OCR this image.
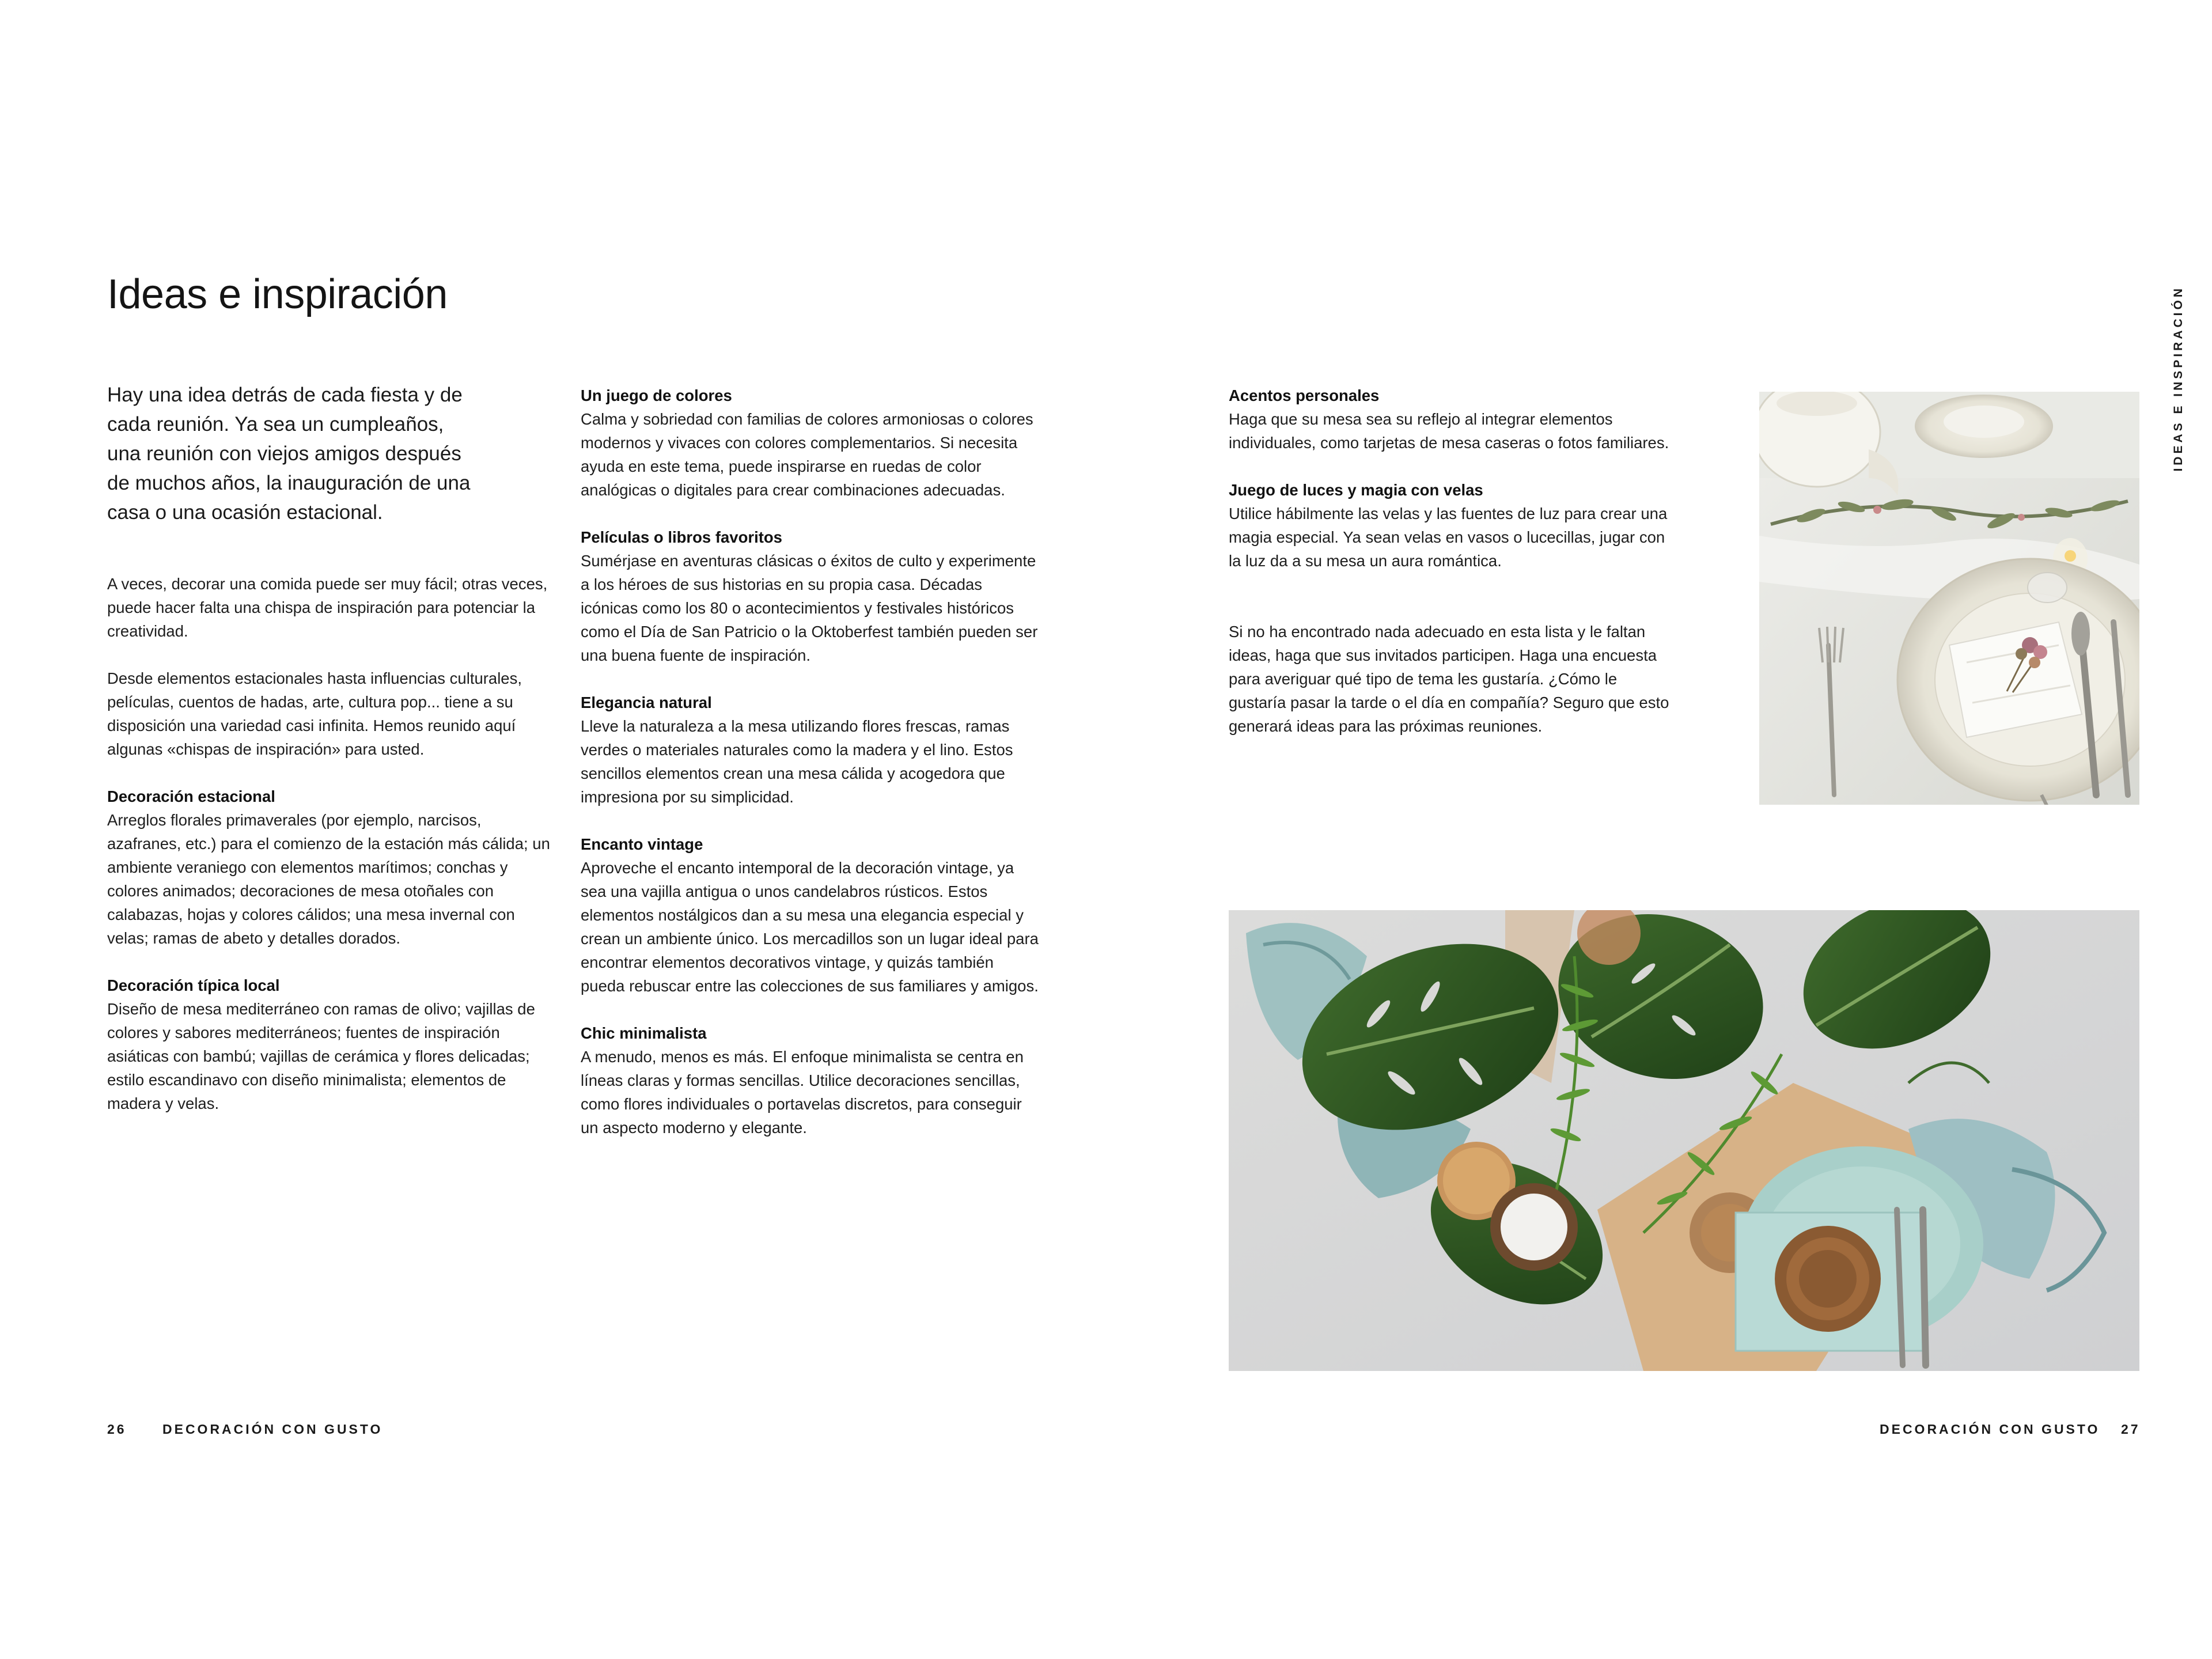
Ideas e inspiración
Hay una idea detrás de cada fiesta y de cada reunión. Ya sea un cumpleaños, una reunión con viejos amigos después de muchos años, la inauguración de una casa o una ocasión estacional.

A veces, decorar una comida puede ser muy fácil; otras veces, puede hacer falta una chispa de inspiración para potenciar la creatividad.

Desde elementos estacionales hasta influencias culturales, películas, cuentos de hadas, arte, cultura pop... tiene a su disposición una variedad casi infinita. Hemos reunido aquí algunas «chispas de inspiración» para usted.

Decoración estacional

Arreglos florales primaverales (por ejemplo, narcisos, azafranes, etc.) para el comienzo de la estación más cálida; un ambiente veraniego con elementos marítimos; conchas y colores animados; decoraciones de mesa otoñales con calabazas, hojas y colores cálidos; una mesa invernal con velas; ramas de abeto y detalles dorados.

Decoración típica local

Diseño de mesa mediterráneo con ramas de olivo; vajillas de colores y sabores mediterráneos; fuentes de inspiración asiáticas con bambú; vajillas de cerámica y flores delicadas; estilo escandinavo con diseño minimalista; elementos de madera y velas.

Un juego de colores

Calma y sobriedad con familias de colores armoniosas o colores modernos y vivaces con colores complementarios. Si necesita ayuda en este tema, puede inspirarse en ruedas de color analógicas o digitales para crear combinaciones adecuadas.

Películas o libros favoritos

Sumérjase en aventuras clásicas o éxitos de culto y experimente a los héroes de sus historias en su propia casa. Décadas icónicas como los 80 o acontecimientos y festivales históricos como el Día de San Patricio o la Oktoberfest también pueden ser una buena fuente de inspiración.

Elegancia natural

Lleve la naturaleza a la mesa utilizando flores frescas, ramas verdes o materiales naturales como la madera y el lino. Estos sencillos elementos crean una mesa cálida y acogedora que impresiona por su simplicidad.

Encanto vintage

Aproveche el encanto intemporal de la decoración vintage, ya sea una vajilla antigua o unos candelabros rústicos. Estos elementos nostálgicos dan a su mesa una elegancia especial y crean un ambiente único. Los mercadillos son un lugar ideal para encontrar elementos decorativos vintage, y quizás también pueda rebuscar entre las colecciones de sus familiares y amigos.

Chic minimalista

A menudo, menos es más. El enfoque minimalista se centra en líneas claras y formas sencillas. Utilice decoraciones sencillas, como flores individuales o portavelas discretos, para conseguir un aspecto moderno y elegante.

Acentos personales

Haga que su mesa sea su reflejo al integrar elementos individuales, como tarjetas de mesa caseras o fotos familiares.

Juego de luces y magia con velas

Utilice hábilmente las velas y las fuentes de luz para crear una magia especial. Ya sean velas en vasos o lucecillas, jugar con la luz da a su mesa un aura romántica.

Si no ha encontrado nada adecuado en esta lista y le faltan ideas, haga que sus invitados participen. Haga una encuesta para averiguar qué tipo de tema les gustaría. ¿Cómo le gustaría pasar la tarde o el día en compañía? Seguro que esto generará ideas para las próximas reuniones.

IDEAS E INSPIRACIÓN
26	DECORACIÓN CON GUSTO	DECORACIÓN CON GUSTO 27
